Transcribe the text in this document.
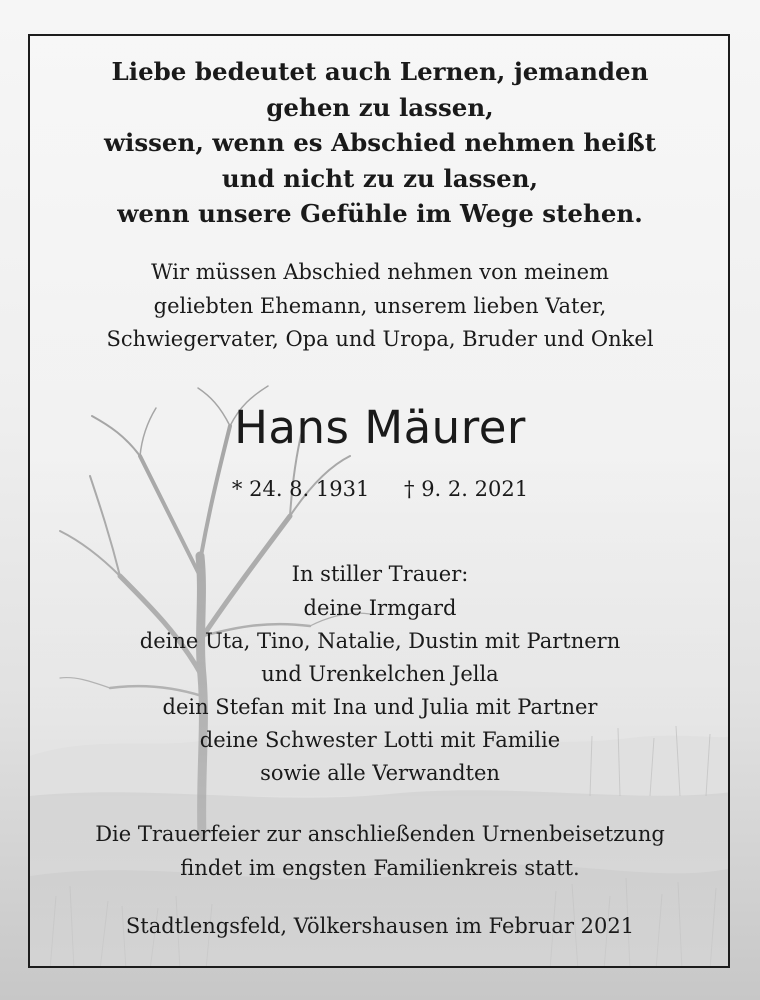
Liebe bedeutet auch Lernen, jemanden
gehen zu lassen,
wissen, wenn es Abschied nehmen heißt
und nicht zu zu lassen,
wenn unsere Gefühle im Wege stehen.
Wir müssen Abschied nehmen von meinem
geliebten Ehemann, unserem lieben Vater,
Schwiegervater, Opa und Uropa, Bruder und Onkel
Hans Mäurer
* 24. 8. 1931 † 9. 2. 2021
In stiller Trauer:
deine Irmgard
deine Uta, Tino, Natalie, Dustin mit Partnern
und Urenkelchen Jella
dein Stefan mit Ina und Julia mit Partner
deine Schwester Lotti mit Familie
sowie alle Verwandten
Die Trauerfeier zur anschließenden Urnenbeisetzung
findet im engsten Familienkreis statt.
Stadtlengsfeld, Völkershausen im Februar 2021
